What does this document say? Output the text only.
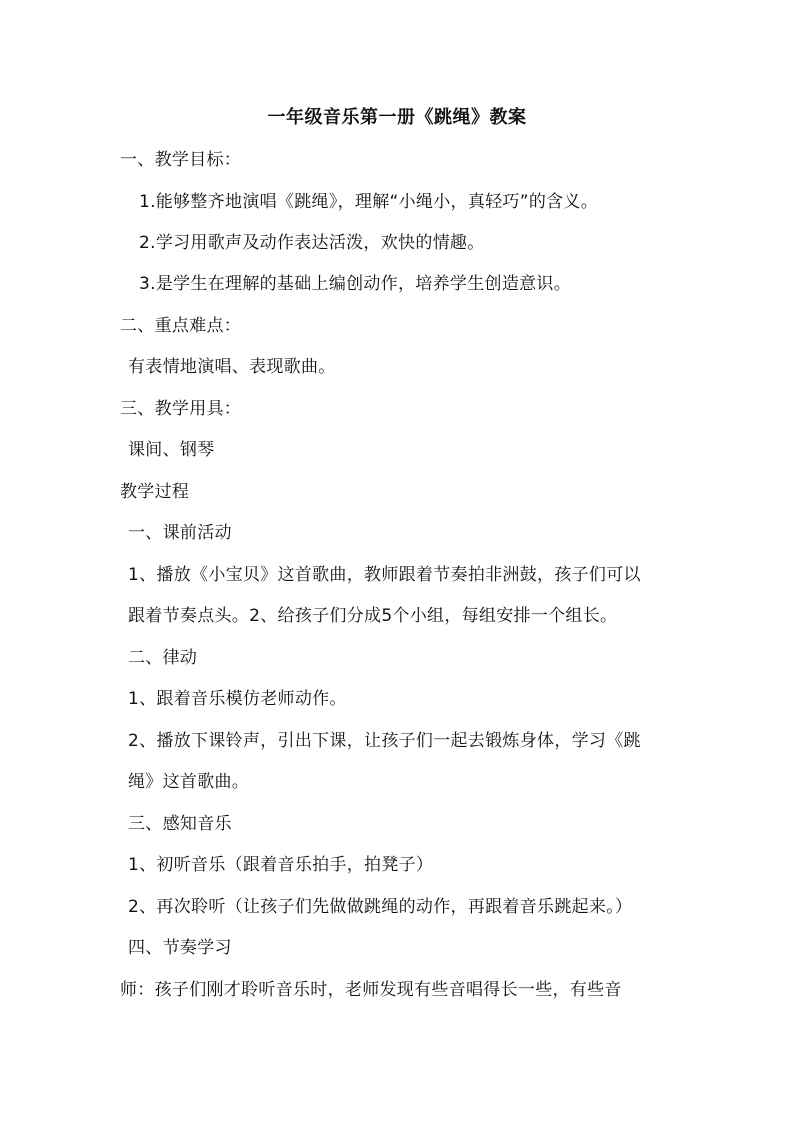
一年级音乐第一册《跳绳》教案
一、教学目标：
1.能够整齐地演唱《跳绳》，理解“小绳小，真轻巧”的含义。
2.学习用歌声及动作表达活泼，欢快的情趣。
3.是学生在理解的基础上编创动作，培养学生创造意识。
二、重点难点：
有表情地演唱、表现歌曲。
三、教学用具：
课间、钢琴
教学过程
一、课前活动
1、播放《小宝贝》这首歌曲，教师跟着节奏拍非洲鼓，孩子们可以
跟着节奏点头。2、给孩子们分成5个小组，每组安排一个组长。
二、律动
1、跟着音乐模仿老师动作。
2、播放下课铃声，引出下课，让孩子们一起去锻炼身体，学习《跳
绳》这首歌曲。
三、感知音乐
1、初听音乐（跟着音乐拍手，拍凳子）
2、再次聆听（让孩子们先做做跳绳的动作，再跟着音乐跳起来。）
四、节奏学习
师：孩子们刚才聆听音乐时，老师发现有些音唱得长一些，有些音
